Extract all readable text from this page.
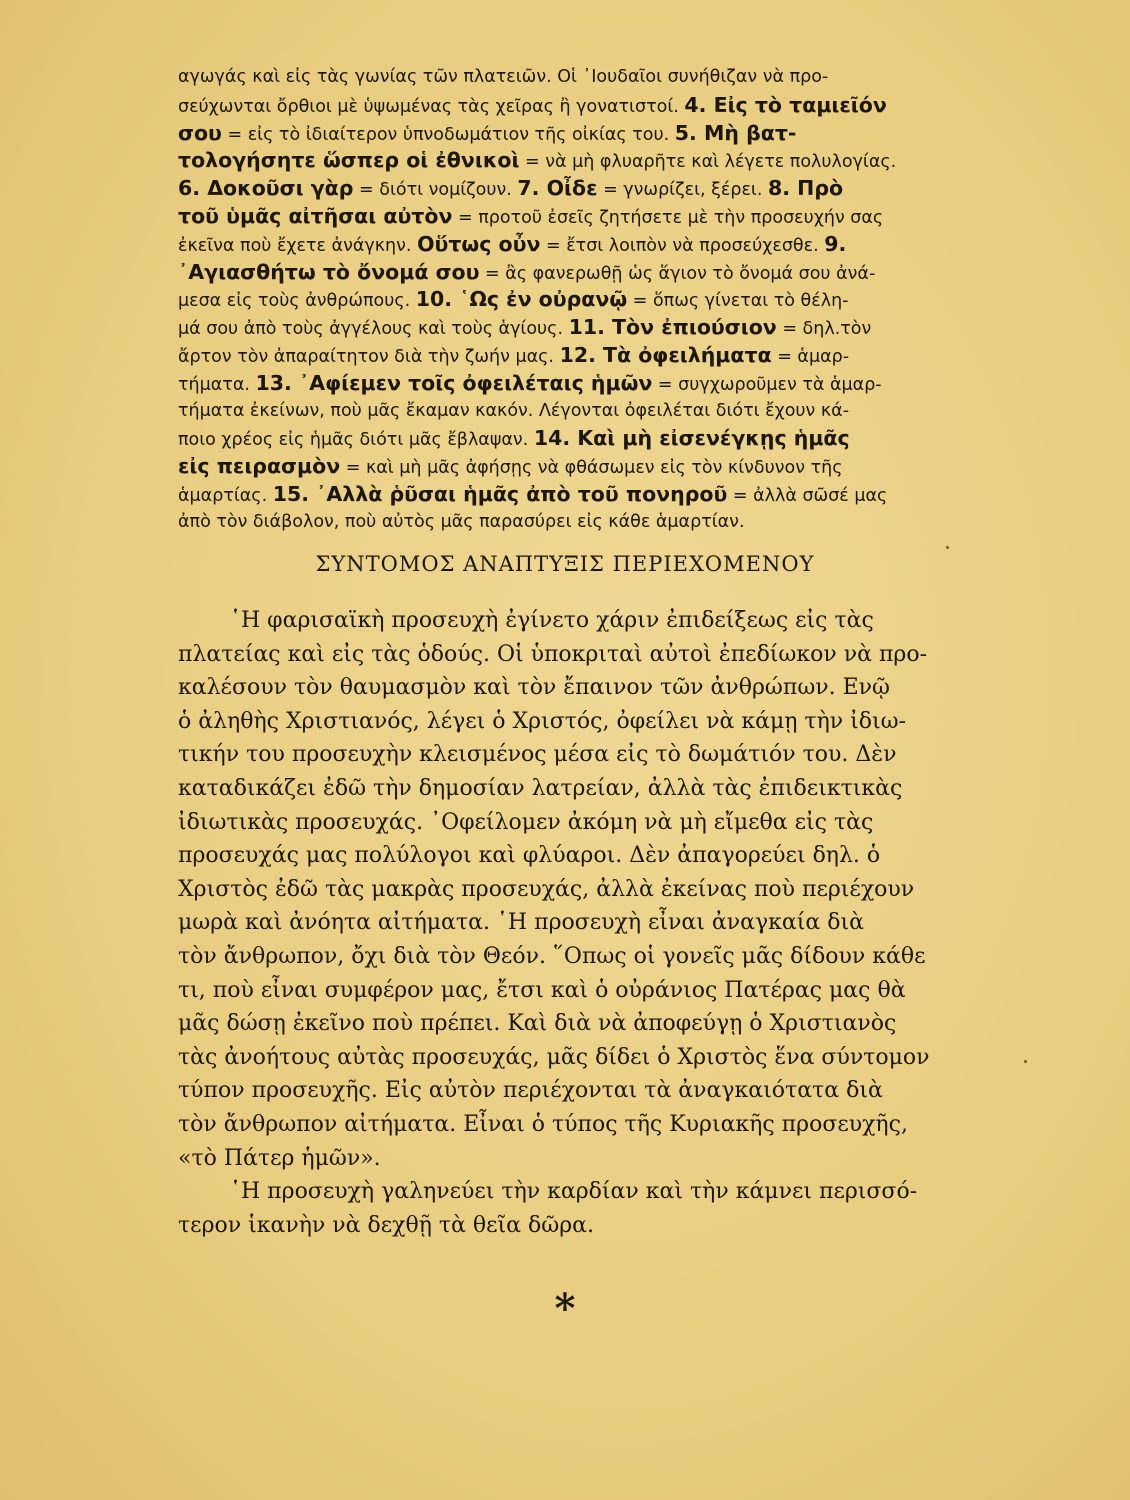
αγωγάς καὶ εἰς τὰς γωνίας τῶν πλατειῶν. Οἱ ᾿Ιουδαῖοι συνήθιζαν νὰ προ-
σεύχωνται ὄρθιοι μὲ ὑψωμένας τὰς χεῖρας ἢ γονατιστοί. 4. Εἰς τὸ ταμιεῖόν
σου = εἰς τὸ ἰδιαίτερον ὑπνοδωμάτιον τῆς οἰκίας του. 5. Μὴ βατ-
τολογήσητε ὥσπερ οἱ ἐθνικοὶ = νὰ μὴ φλυαρῆτε καὶ λέγετε πολυλογίας.
6. Δοκοῦσι γὰρ = διότι νομίζουν. 7. Οἶδε = γνωρίζει, ξέρει. 8. Πρὸ
τοῦ ὑμᾶς αἰτῆσαι αὐτὸν = προτοῦ ἐσεῖς ζητήσετε μὲ τὴν προσευχήν σας
ἐκεῖνα ποὺ ἔχετε ἀνάγκην. Οὕτως οὖν = ἔτσι λοιπὸν νὰ προσεύχεσθε. 9.
᾿Αγιασθήτω τὸ ὄνομά σου = ἂς φανερωθῇ ὡς ἅγιον τὸ ὄνομά σου ἀνά-
μεσα εἰς τοὺς ἀνθρώπους. 10. ῾Ως ἐν οὐρανῷ = ὅπως γίνεται τὸ θέλη-
μά σου ἀπὸ τοὺς ἀγγέλους καὶ τοὺς ἁγίους. 11. Τὸν ἐπιούσιον = δηλ.τὸν
ἄρτον τὸν ἀπαραίτητον διὰ τὴν ζωήν μας. 12. Τὰ ὀφειλήματα = ἁμαρ-
τήματα. 13. ᾿Αφίεμεν τοῖς ὀφειλέταις ἡμῶν = συγχωροῦμεν τὰ ἁμαρ-
τήματα ἐκείνων, ποὺ μᾶς ἔκαμαν κακόν. Λέγονται ὀφειλέται διότι ἔχουν κά-
ποιο χρέος εἰς ἡμᾶς διότι μᾶς ἔβλαψαν. 14. Καὶ μὴ εἰσενέγκῃς ἡμᾶς
εἰς πειρασμὸν = καὶ μὴ μᾶς ἀφήσῃς νὰ φθάσωμεν εἰς τὸν κίνδυνον τῆς
ἁμαρτίας. 15. ᾿Αλλὰ ῥῦσαι ἡμᾶς ἀπὸ τοῦ πονηροῦ = ἀλλὰ σῶσέ μας
ἀπὸ τὸν διάβολον, ποὺ αὐτὸς μᾶς παρασύρει εἰς κάθε ἁμαρτίαν.
ΣΥΝΤΟΜΟΣ ΑΝΑΠΤΥΞΙΣ ΠΕΡΙΕΧΟΜΕΝΟΥ
῾Η φαρισαϊκὴ προσευχὴ ἐγίνετο χάριν ἐπιδείξεως εἰς τὰς
πλατείας καὶ εἰς τὰς ὁδούς. Οἱ ὑποκριταὶ αὐτοὶ ἐπεδίωκον νὰ προ-
καλέσουν τὸν θαυμασμὸν καὶ τὸν ἔπαινον τῶν ἀνθρώπων. Ενῷ
ὁ ἀληθὴς Χριστιανός, λέγει ὁ Χριστός, ὀφείλει νὰ κάμῃ τὴν ἰδιω-
τικήν του προσευχὴν κλεισμένος μέσα εἰς τὸ δωμάτιόν του. Δὲν
καταδικάζει ἐδῶ τὴν δημοσίαν λατρείαν, ἀλλὰ τὰς ἐπιδεικτικὰς
ἰδιωτικὰς προσευχάς. ᾿Οφείλομεν ἀκόμη νὰ μὴ εἴμεθα εἰς τὰς
προσευχάς μας πολύλογοι καὶ φλύαροι. Δὲν ἀπαγορεύει δηλ. ὁ
Χριστὸς ἐδῶ τὰς μακρὰς προσευχάς, ἀλλὰ ἐκείνας ποὺ περιέχουν
μωρὰ καὶ ἀνόητα αἰτήματα. ῾Η προσευχὴ εἶναι ἀναγκαία διὰ
τὸν ἄνθρωπον, ὄχι διὰ τὸν Θεόν. ῞Οπως οἱ γονεῖς μᾶς δίδουν κάθε
τι, ποὺ εἶναι συμφέρον μας, ἔτσι καὶ ὁ οὐράνιος Πατέρας μας θὰ
μᾶς δώσῃ ἐκεῖνο ποὺ πρέπει. Καὶ διὰ νὰ ἀποφεύγῃ ὁ Χριστιανὸς
τὰς ἀνοήτους αὐτὰς προσευχάς, μᾶς δίδει ὁ Χριστὸς ἕνα σύντομον
τύπον προσευχῆς. Εἰς αὐτὸν περιέχονται τὰ ἀναγκαιότατα διὰ
τὸν ἄνθρωπον αἰτήματα. Εἶναι ὁ τύπος τῆς Κυριακῆς προσευχῆς,
«τὸ Πάτερ ἡμῶν».
῾Η προσευχὴ γαληνεύει τὴν καρδίαν καὶ τὴν κάμνει περισσό-
τερον ἱκανὴν νὰ δεχθῇ τὰ θεῖα δῶρα.
*
